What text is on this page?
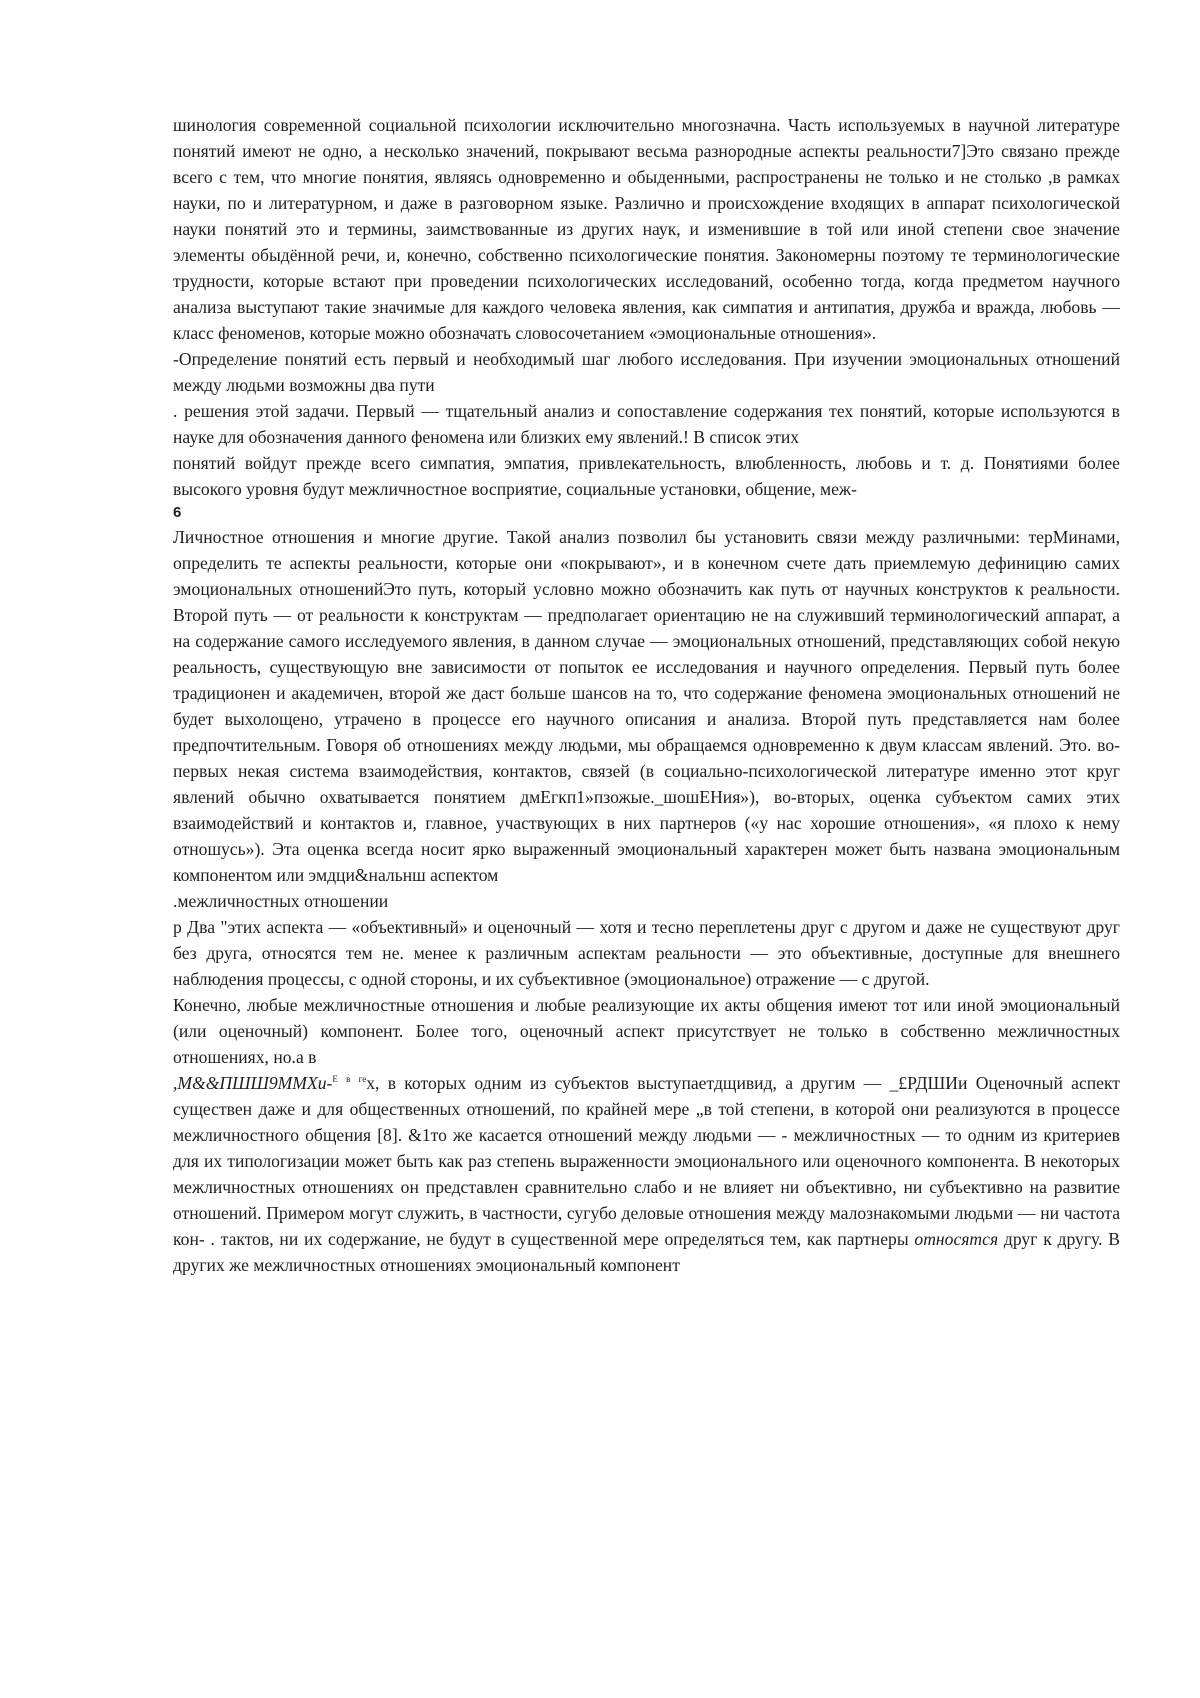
шинология современной социальной психологии исключительно многозначна. Часть используемых в научной литературе понятий имеют не одно, а несколько значений, покрывают весьма разнородные аспекты реальности7]Это связано прежде всего с тем, что многие понятия, являясь одновременно и обыденными, распространены не только и не столько ,в рамках науки, по и литературном, и даже в разговорном языке. Различно и происхождение входящих в аппарат психологической науки понятий это и термины, заимствованные из других наук, и изменившие в той или иной степени свое значение элементы обыдённой речи, и, конечно, собственно психологические понятия. Закономерны поэтому те терминологические трудности, которые встают при проведении психологических исследований, особенно тогда, когда предметом научного анализа выступают такие значимые для каждого человека явления, как симпатия и антипатия, дружба и вражда, любовь — класс феноменов, которые можно обозначать словосочетанием «эмоциональные отношения».

-Определение понятий есть первый и необходимый шаг любого исследования. При изучении эмоциональных отношений между людьми возможны два пути

. решения этой задачи. Первый — тщательный анализ и сопоставление содержания тех понятий, которые используются в науке для обозначения данного феномена или близких ему явлений.! В список этих

понятий войдут прежде всего симпатия, эмпатия, привлекательность, влюбленность, любовь и т. д. Понятиями более высокого уровня будут межличностное восприятие, социальные установки, общение, меж-

6

Личностное отношения и многие другие. Такой анализ позволил бы установить связи между различными: терМинами, определить те аспекты реальности, которые они «покрывают», и в конечном счете дать приемлемую дефиницию самих эмоциональных отношенийЭто путь, который условно можно обозначить как путь от научных конструктов к реальности. Второй путь — от реальности к конструктам — предполагает ориентацию не на служивший терминологический аппарат, а на содержание самого исследуемого явления, в данном случае — эмоциональных отношений, представляющих собой некую реальность, существующую вне зависимости от попыток ее исследования и научного определения. Первый путь более традиционен и академичен, второй же даст больше шансов на то, что содержание феномена эмоциональных отношений не будет выхолощено, утрачено в процессе его научного описания и анализа. Второй путь представляется нам более предпочтительным. Говоря об отношениях между людьми, мы обращаемся одновременно к двум классам явлений. Это. во-первых некая система взаимодействия, контактов, связей (в социально-психологической литературе именно этот круг явлений обычно охватывается понятием дмЕгкп1»пзожые._шошЕНия»), во-вторых, оценка субъектом самих этих взаимодействий и контактов и, главное, участвующих в них партнеров («у нас хорошие отношения», «я плохо к нему отношусь»). Эта оценка всегда носит ярко выраженный эмоциональный характерен может быть названа эмоциональным компонентом или эмдци&нальнш аспектом

.межличностных отношении

р Два "этих аспекта — «объективный» и оценочный — хотя и тесно переплетены друг с другом и даже не существуют друг без друга, относятся тем не. менее к различным аспектам реальности — это объективные, доступные для внешнего наблюдения процессы, с одной стороны, и их субъективное (эмоциональное) отражение — с другой.

Конечно, любые межличностные отношения и любые реализующие их акты общения имеют тот или иной эмоциональный (или оценочный) компонент. Более того, оценочный аспект присутствует не только в собственно межличностных отношениях, но.а в

,М&&ПШШ9ММХи-$^Е$ $^в$ $^{ге}$х, в которых одним из субъектов выступаетдщивид, а другим — _£РДШИи Оценочный аспект существен даже и для общественных отношений, по крайней мере „в той степени, в которой они реализуются в процессе межличностного общения [8]. &1то же касается отношений между людьми — - межличностных — то одним из критериев для их типологизации может быть как раз степень выраженности эмоционального или оценочного компонента. В некоторых межличностных отношениях он представлен сравнительно слабо и не влияет ни объективно, ни субъективно на развитие отношений. Примером могут служить, в частности, сугубо деловые отношения между малознакомыми людьми — ни частота кон- . тактов, ни их содержание, не будут в существенной мере определяться тем, как партнеры относятся друг к другу. В других же межличностных отношениях эмоциональный компонент
